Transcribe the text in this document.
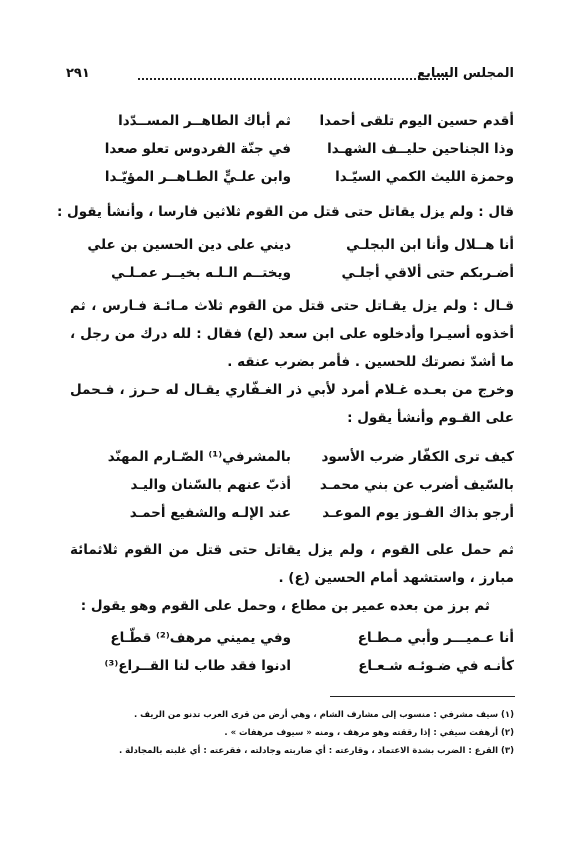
المجلس السابع
٢٩١
أقدم حسين اليوم تلقى أحمدا
ثم أباك الطاهــر المســدّدا
وذا الجناحين حليــف الشهـدا
في جنّة الفردوس تعلو صعدا
وحمزة الليث الكمي السيّـدا
وابن علـيٍّ الطـاهــر المؤيّـدا
قال : ولم يزل يقاتل حتى قتل من القوم ثلاثين فارسا ، وأنشأ يقول :
أنا هــلال وأنا ابن البجلـي
ديني على دين الحسين بن علي
أضـربكم حتى ألاقي أجلـي
ويختــم الـلـه بخيــر عمـلـي
قـال : ولم يزل يقـاتل حتى قتل من القوم ثلاث مـائـة فـارس ، ثم أخذوه أسيـرا وأدخلوه على ابن سعد (لع) فقال : لله درك من رجل ، ما أشدّ نصرتك للحسين . فأمر بضرب عنقه .
وخرج من بعـده غـلام أمرد لأبي ذر الغـفّاري يقـال له حـرز ، فـحمل على القـوم وأنشأ يقول :
كيف ترى الكفّار ضرب الأسود
بالمشرفي⁽¹⁾ الصّـارم المهنّد
بالسّيف أضرب عن بني محمـد
أذبّ عنهم بالسّنان واليـد
أرجو بذاك الفـوز يوم الموعـد
عند الإلـه والشفيع أحمـد
ثم حمل على القوم ، ولم يزل يقاتل حتى قتل من القوم ثلاثمائة مبارز ، واستشهد أمام الحسين (ع) .
ثم برز من بعده عمير بن مطاع ، وحمل على القوم وهو يقول :
أنا عـميـــر وأبي مـطـاع
وفي يميني مرهف⁽²⁾ قطّـاع
كأنـه في ضـوئـه شـعـاع
ادنوا فقد طاب لنا القــراع⁽³⁾
(١) سيف مشرفي : منسوب إلى مشارف الشام ، وهي أرض من قرى العرب تدنو من الريف .
(٢) أرهفت سيفي : إذا رققته وهو مرهف ، ومنه « سيوف مرهفات » .
(٣) القرع : الضرب بشدة الاعتماد ، وقارعته : أي ضاربته وجادلته ، فقرعته : أي غلبته بالمجادلة .
